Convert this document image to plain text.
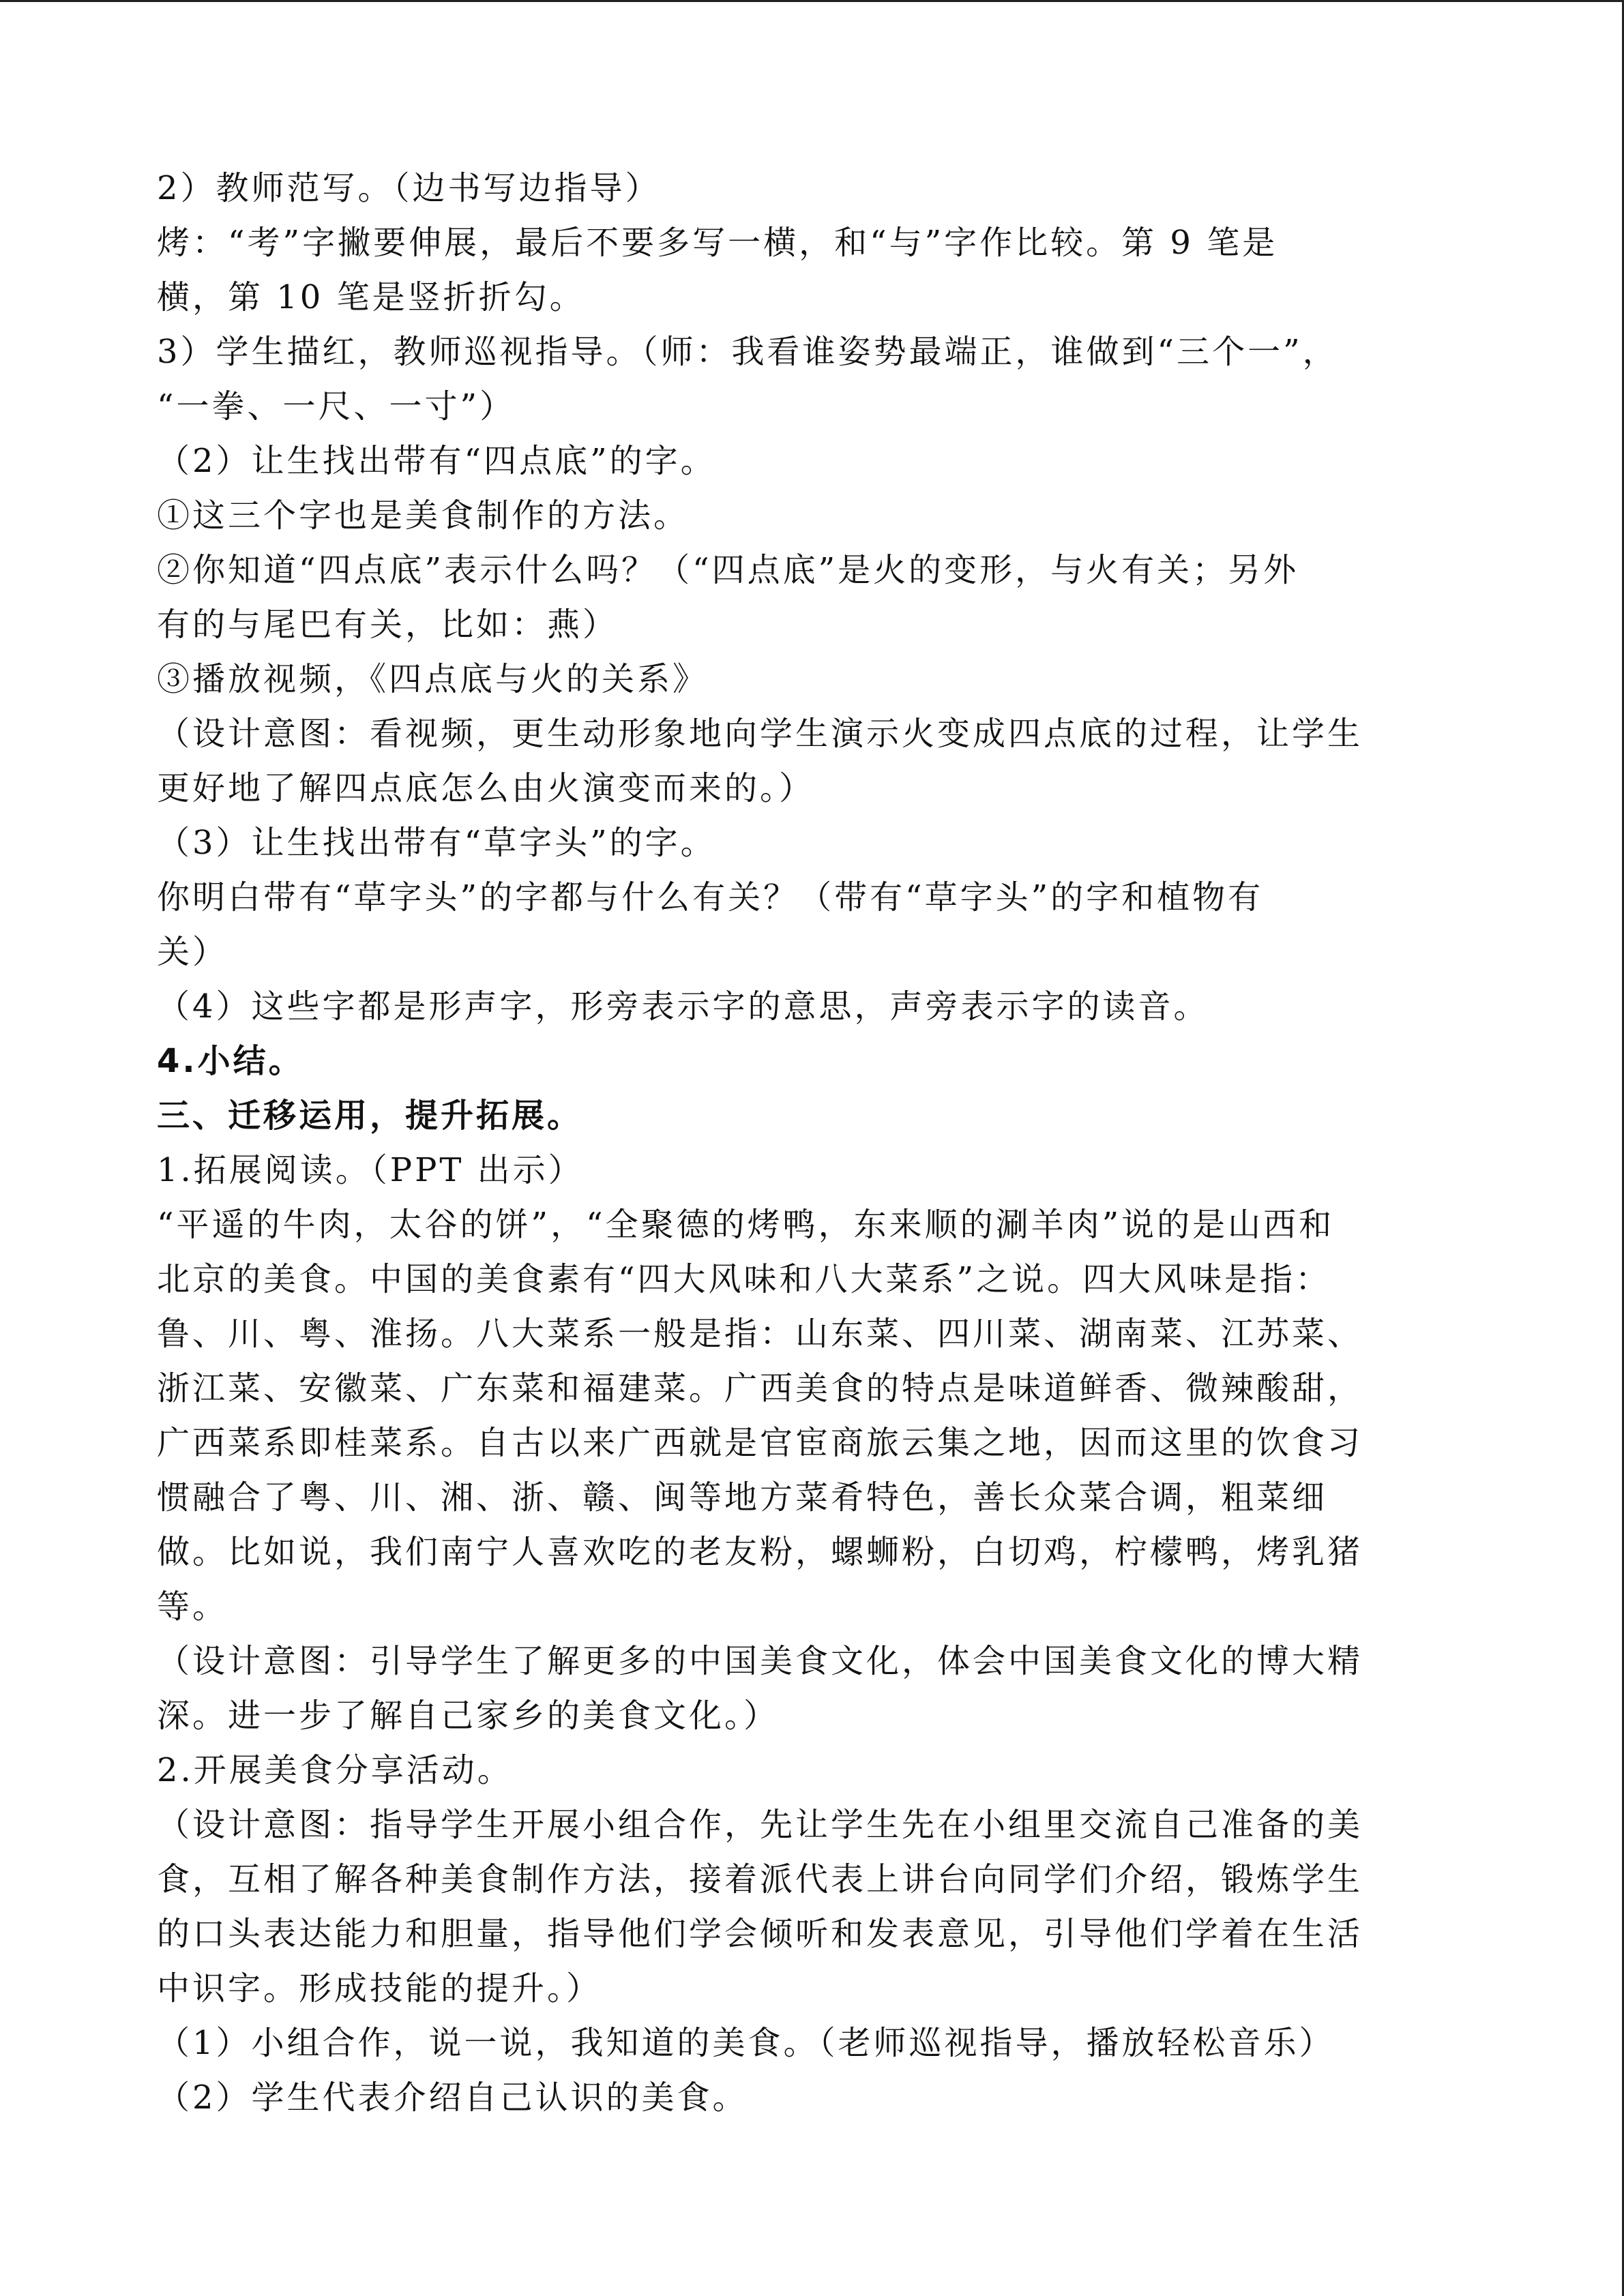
2）教师范写。（边书写边指导）
烤：“考”字撇要伸展，最后不要多写一横，和“与”字作比较。第 9 笔是
横，第 10 笔是竖折折勾。
3）学生描红，教师巡视指导。（师：我看谁姿势最端正，谁做到“三个一”，
“一拳、一尺、一寸”）
（2）让生找出带有“四点底”的字。
①这三个字也是美食制作的方法。
②你知道“四点底”表示什么吗？（“四点底”是火的变形，与火有关；另外
有的与尾巴有关，比如：燕）
③播放视频，《四点底与火的关系》
（设计意图：看视频，更生动形象地向学生演示火变成四点底的过程，让学生
更好地了解四点底怎么由火演变而来的。）
（3）让生找出带有“草字头”的字。
你明白带有“草字头”的字都与什么有关？（带有“草字头”的字和植物有
关）
（4）这些字都是形声字，形旁表示字的意思，声旁表示字的读音。
4.小结。
三、迁移运用，提升拓展。
1.拓展阅读。（PPT 出示）
“平遥的牛肉，太谷的饼”，“全聚德的烤鸭，东来顺的涮羊肉”说的是山西和
北京的美食。中国的美食素有“四大风味和八大菜系”之说。四大风味是指：
鲁、川、粤、淮扬。八大菜系一般是指：山东菜、四川菜、湖南菜、江苏菜、
浙江菜、安徽菜、广东菜和福建菜。广西美食的特点是味道鲜香、微辣酸甜，
广西菜系即桂菜系。自古以来广西就是官宦商旅云集之地，因而这里的饮食习
惯融合了粤、川、湘、浙、赣、闽等地方菜肴特色，善长众菜合调，粗菜细
做。比如说，我们南宁人喜欢吃的老友粉，螺蛳粉，白切鸡，柠檬鸭，烤乳猪
等。
（设计意图：引导学生了解更多的中国美食文化，体会中国美食文化的博大精
深。进一步了解自己家乡的美食文化。）
2.开展美食分享活动。
（设计意图：指导学生开展小组合作，先让学生先在小组里交流自己准备的美
食，互相了解各种美食制作方法，接着派代表上讲台向同学们介绍，锻炼学生
的口头表达能力和胆量，指导他们学会倾听和发表意见，引导他们学着在生活
中识字。形成技能的提升。）
（1）小组合作，说一说，我知道的美食。（老师巡视指导，播放轻松音乐）
（2）学生代表介绍自己认识的美食。
